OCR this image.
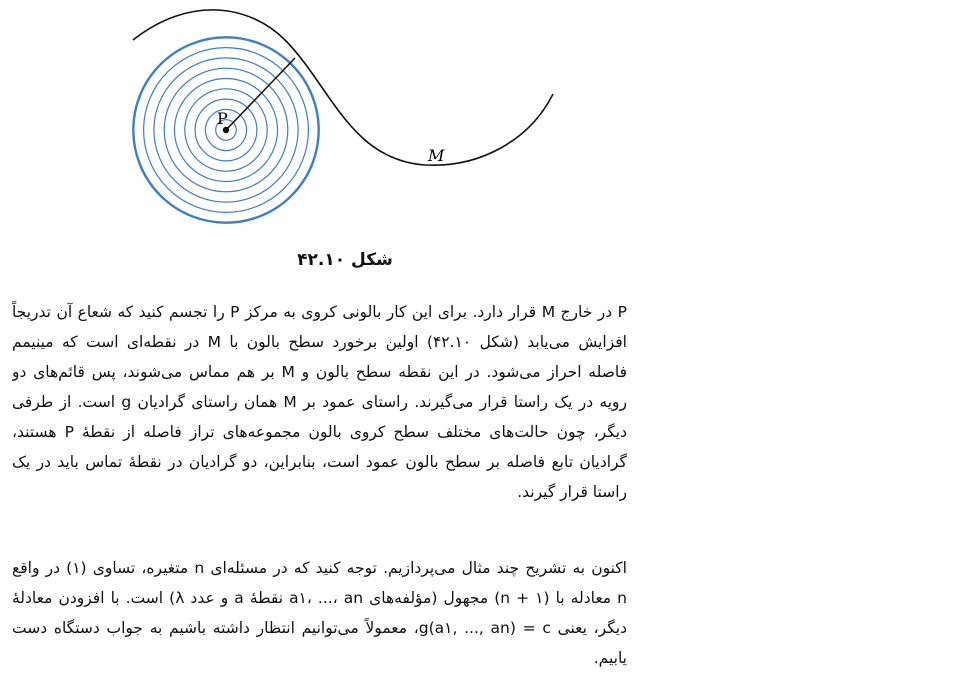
P
M
شکل ۴۲.۱۰
P در خارج M قرار دارد. برای این کار بالونی کروی به مرکز P را تجسم کنید که شعاع آن تدریجاً
افزایش می‌یابد (شکل ۴۲.۱۰) اولین برخورد سطح بالون با M در نقطه‌ای است که مینیمم
فاصله احراز می‌شود. در این نقطه سطح بالون و M بر هم مماس می‌شوند، پس قائم‌های دو
رویه در یک راستا قرار می‌گیرند. راستای عمود بر M همان راستای گرادیان g است. از طرفی
دیگر، چون حالت‌های مختلف سطح کروی بالون مجموعه‌های تراز فاصله از نقطهٔ P هستند،
گرادیان تابع فاصله بر سطح بالون عمود است، بنابراین، دو گرادیان در نقطهٔ تماس باید در یک
راستا قرار گیرند.
اکنون به تشریح چند مثال می‌پردازیم. توجه کنید که در مسئله‌ای n متغیره، تساوی (۱) در واقع
n معادله با (n + ۱) مجهول (مؤلفه‌های a۱، ...، an نقطهٔ a و عدد λ) است. با افزودن معادلهٔ
دیگر، یعنی g(a۱, ..., an) = c، معمولاً می‌توانیم انتظار داشته باشیم به جواب دستگاه دست
یابیم.
